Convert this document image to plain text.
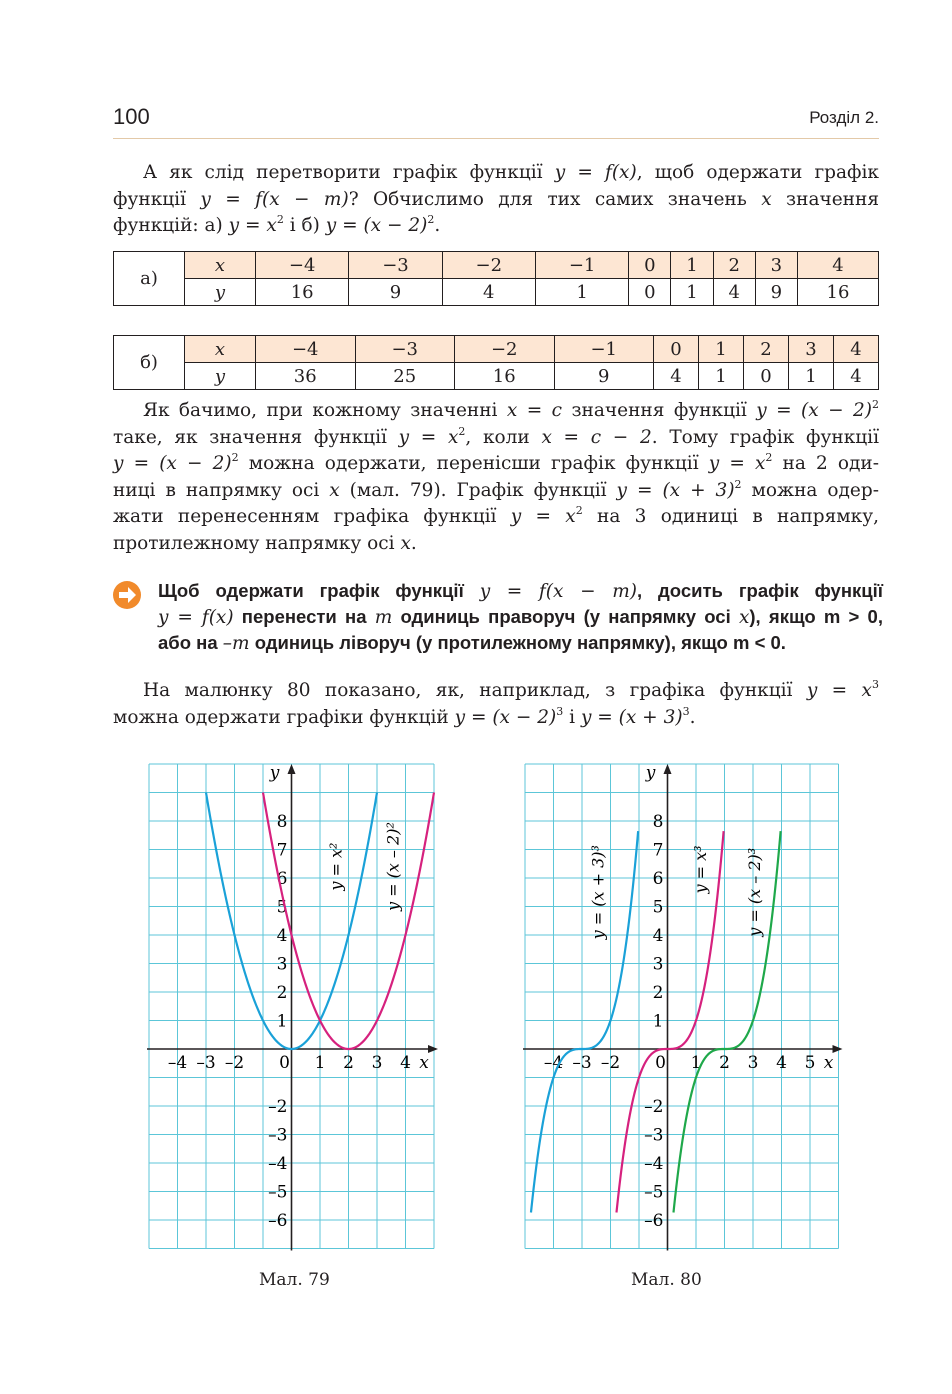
100	Розділ 2.

А як слід перетворити графік функції y = f(x), щоб одержати графік
функції y = f(x − m)? Обчислимо для тих самих значень x значення
функцій: а) $y = x^2$ і б) $y = (x - 2)^2$.

а)	x	−4	−3	−2	−1	0	1	2	3	4
	y	16	9	4	1	0	1	4	9	16
б)	x	−4	−3	−2	−1	0	1	2	3	4
	y	36	25	16	9	4	1	0	1	4

Як бачимо, при кожному значенні x = c значення функції $y = (x - 2)^2$
таке, як значення функції $y = x^2$, коли x = c − 2. Тому графік функції
$y = (x - 2)^2$ можна одержати, перенісши графік функції $y = x^2$ на 2 оди-
ниці в напрямку осі x (мал. 79). Графік функції $y = (x + 3)^2$ можна одер-
жати перенесенням графіка функції $y = x^2$ на 3 одиниці в напрямку,
протилежному напрямку осі x.

Щоб одержати графік функції y = f(x − m), досить графік функції
y = f(x) перенести на m одиниць праворуч (у напрямку осі x), якщо m > 0,
або на –m одиниць ліворуч (у протилежному напрямку), якщо m < 0.

На малюнку 80 показано, як, наприклад, з графіка функції $y = x^3$
можна одержати графіки функцій $y = (x - 2)^3$ і $y = (x + 3)^3$.

x
y
–4 –3 –2 0 1 2 3 4
1
2
3
4
5
6
7
8
–2
–3
–4
–5
–6
y = x² y = (x – 2)²
x
y
–4 –3 –2 0 1 2 3 4 5
1
2
3
4
5
6
7
8
–2
–3
–4
–5
–6
y = (x + 3)³	y = x³ y = (x – 2)³
Мал. 79	Мал. 80
